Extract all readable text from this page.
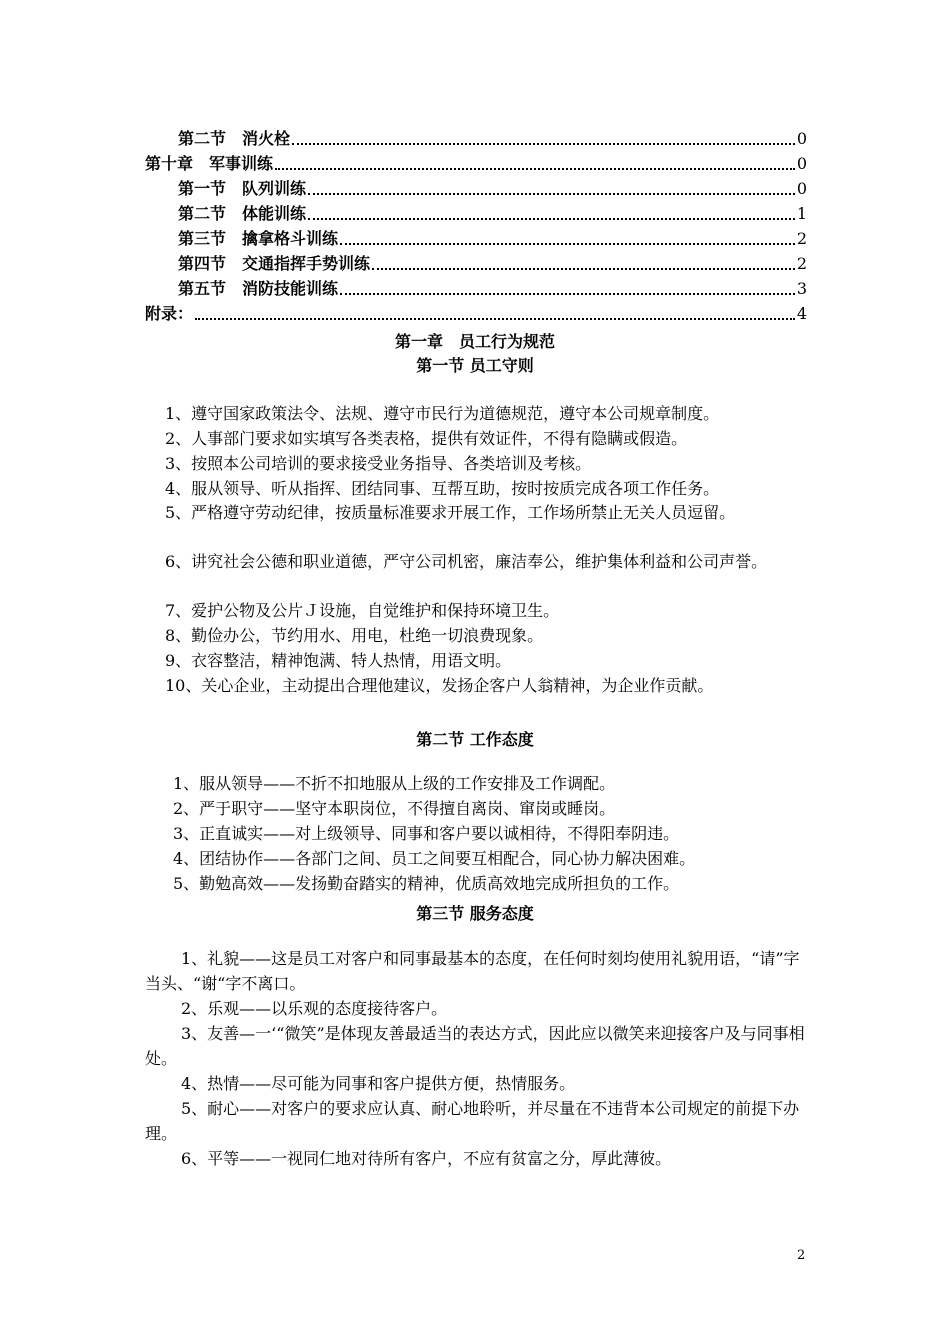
第二节　消火栓	0
第十章　军事训练	0
第一节　队列训练	0
第二节　体能训练	1
第三节　擒拿格斗训练	2
第四节　交通指挥手势训练	2
第五节　消防技能训练	3
附录：	4
第一章　员工行为规范
第一节 员工守则
1、遵守国家政策法令、法规、遵守市民行为道德规范，遵守本公司规章制度。
2、人事部门要求如实填写各类表格，提供有效证件，不得有隐瞒或假造。
3、按照本公司培训的要求接受业务指导、各类培训及考核。
4、服从领导、听从指挥、团结同事、互帮互助，按时按质完成各项工作任务。
5、严格遵守劳动纪律，按质量标准要求开展工作，工作场所禁止无关人员逗留。
6、讲究社会公德和职业道德，严守公司机密，廉洁奉公，维护集体利益和公司声誉。
7、爱护公物及公片Ｊ设施，自觉维护和保持环境卫生。
8、勤俭办公，节约用水、用电，杜绝一切浪费现象。
9、衣容整洁，精神饱满、特人热情，用语文明。
10、关心企业，主动提出合理他建议，发扬企客户人翁精神，为企业作贡献。
第二节 工作态度
1、服从领导——不折不扣地服从上级的工作安排及工作调配。
2、严于职守——坚守本职岗位，不得擅自离岗、窜岗或睡岗。
3、正直诚实——对上级领导、同事和客户要以诚相待，不得阳奉阴违。
4、团结协作——各部门之间、员工之间要互相配合，同心协力解决困难。
5、勤勉高效——发扬勤奋踏实的精神，优质高效地完成所担负的工作。
第三节 服务态度
1、礼貌——这是员工对客户和同事最基本的态度，在任何时刻均使用礼貌用语，“请”字当头、“谢“字不离口。
2、乐观——以乐观的态度接待客户。
3、友善—一‘“微笑”是体现友善最适当的表达方式，因此应以微笑来迎接客户及与同事相处。
4、热情——尽可能为同事和客户提供方便，热情服务。
5、耐心——对客户的要求应认真、耐心地聆听，并尽量在不违背本公司规定的前提下办理。
6、平等——一视同仁地对待所有客户，不应有贫富之分，厚此薄彼。
2
